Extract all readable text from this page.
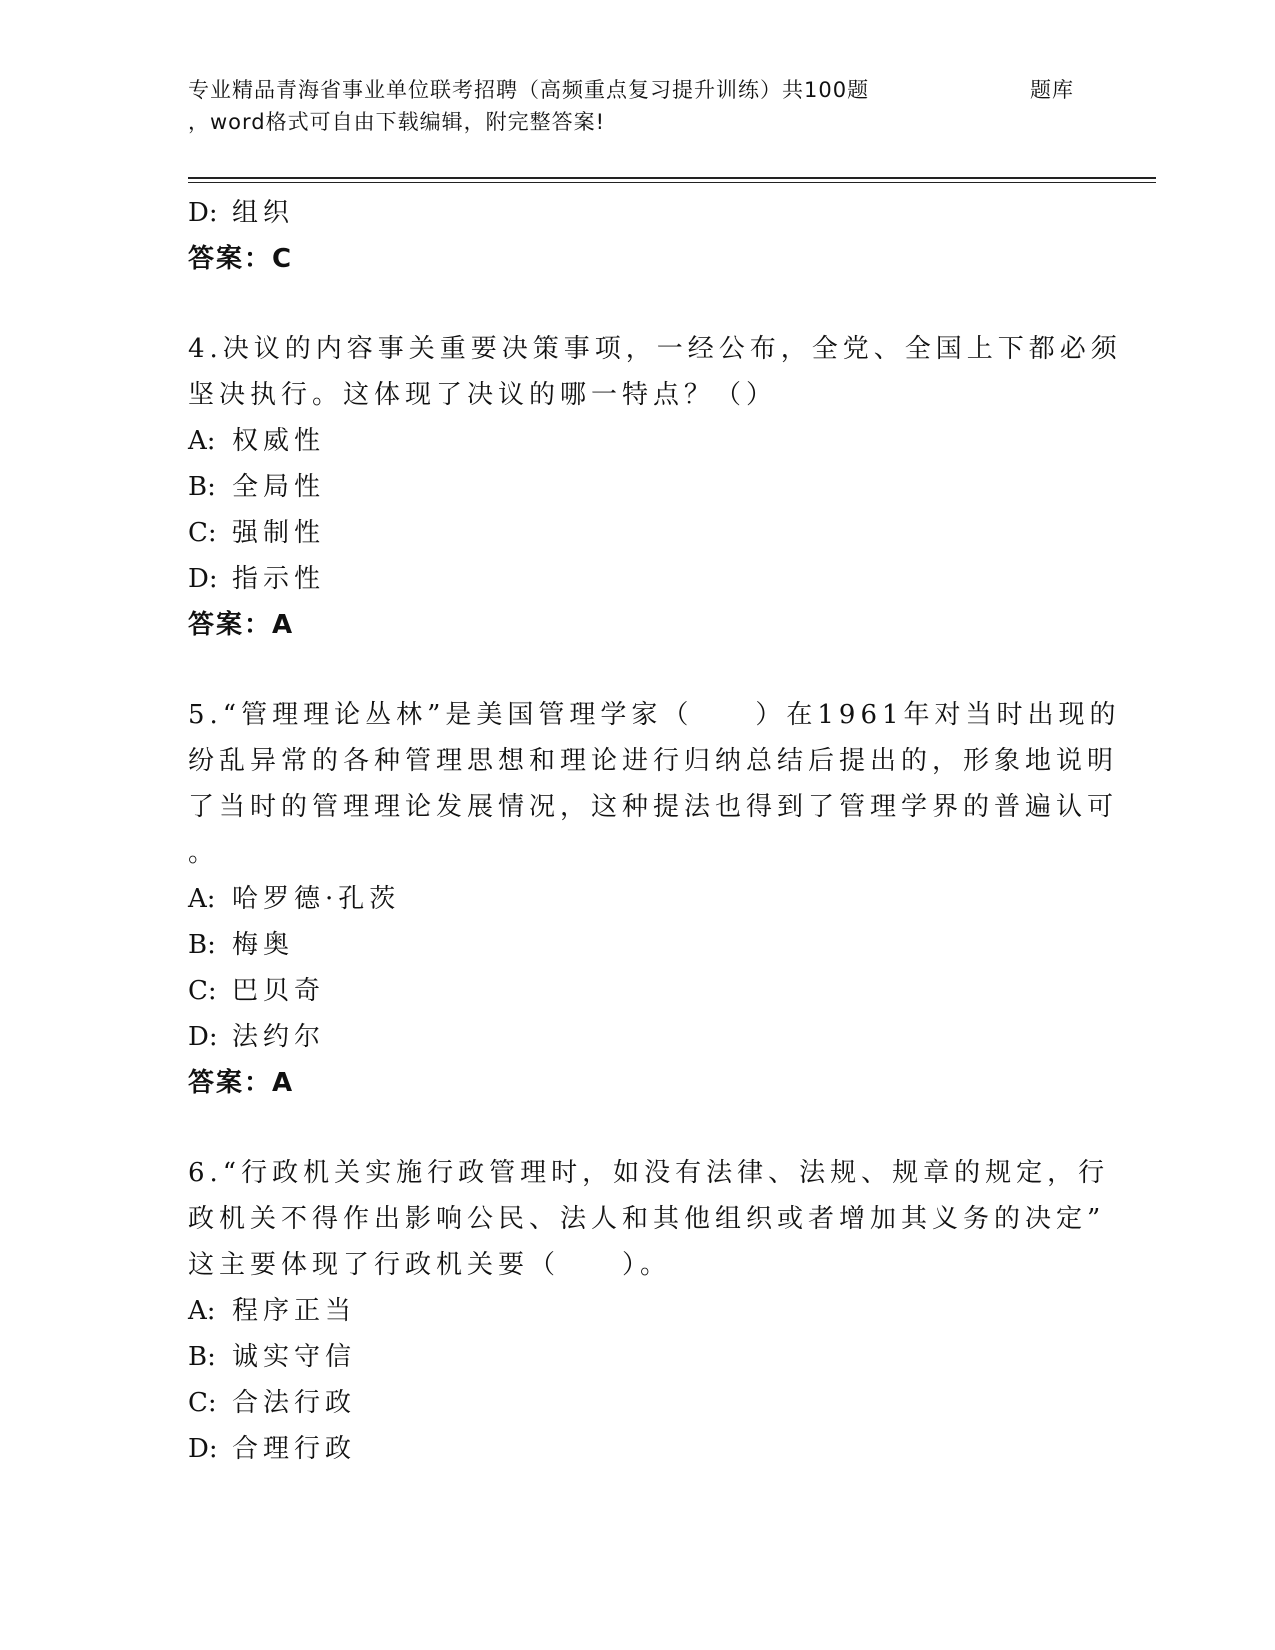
专业精品青海省事业单位联考招聘（高频重点复习提升训练）共100题	题库
，word格式可自由下载编辑，附完整答案!
D: 组织
答案：C
4.决议的内容事关重要决策事项，一经公布，全党、全国上下都必须
坚决执行。这体现了决议的哪一特点？（）
A: 权威性
B: 全局性
C: 强制性
D: 指示性
答案：A
5.“管理理论丛林”是美国管理学家（　　）在1961年对当时出现的
纷乱异常的各种管理思想和理论进行归纳总结后提出的，形象地说明
了当时的管理理论发展情况，这种提法也得到了管理学界的普遍认可
。
A: 哈罗德·孔茨
B: 梅奥
C: 巴贝奇
D: 法约尔
答案：A
6.“行政机关实施行政管理时，如没有法律、法规、规章的规定，行
政机关不得作出影响公民、法人和其他组织或者增加其义务的决定”
这主要体现了行政机关要（　　）。
A: 程序正当
B: 诚实守信
C: 合法行政
D: 合理行政
